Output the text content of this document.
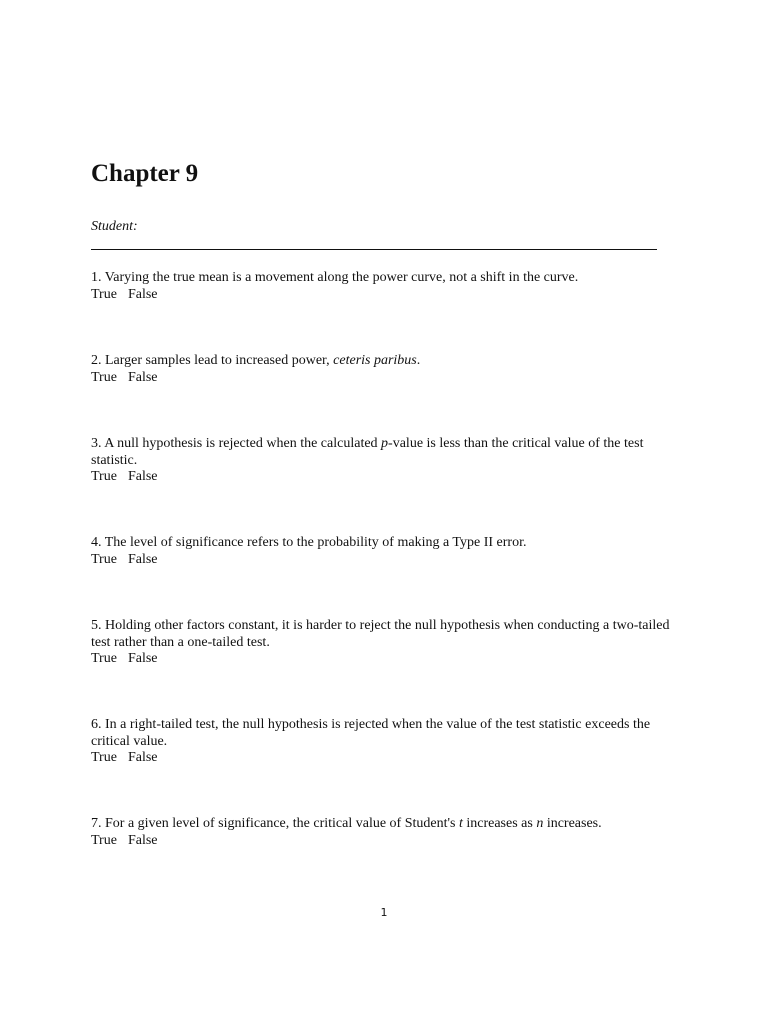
Chapter 9
Student:

1. Varying the true mean is a movement along the power curve, not a shift in the curve.

True False

2. Larger samples lead to increased power, ceteris paribus.

True False

3. A null hypothesis is rejected when the calculated p-value is less than the critical value of the test statistic.

True False

4. The level of significance refers to the probability of making a Type II error.

True False

5. Holding other factors constant, it is harder to reject the null hypothesis when conducting a two-tailed test rather than a one-tailed test.

True False

6. In a right-tailed test, the null hypothesis is rejected when the value of the test statistic exceeds the critical value.

True False

7. For a given level of significance, the critical value of Student's t increases as n increases.

True False
1
